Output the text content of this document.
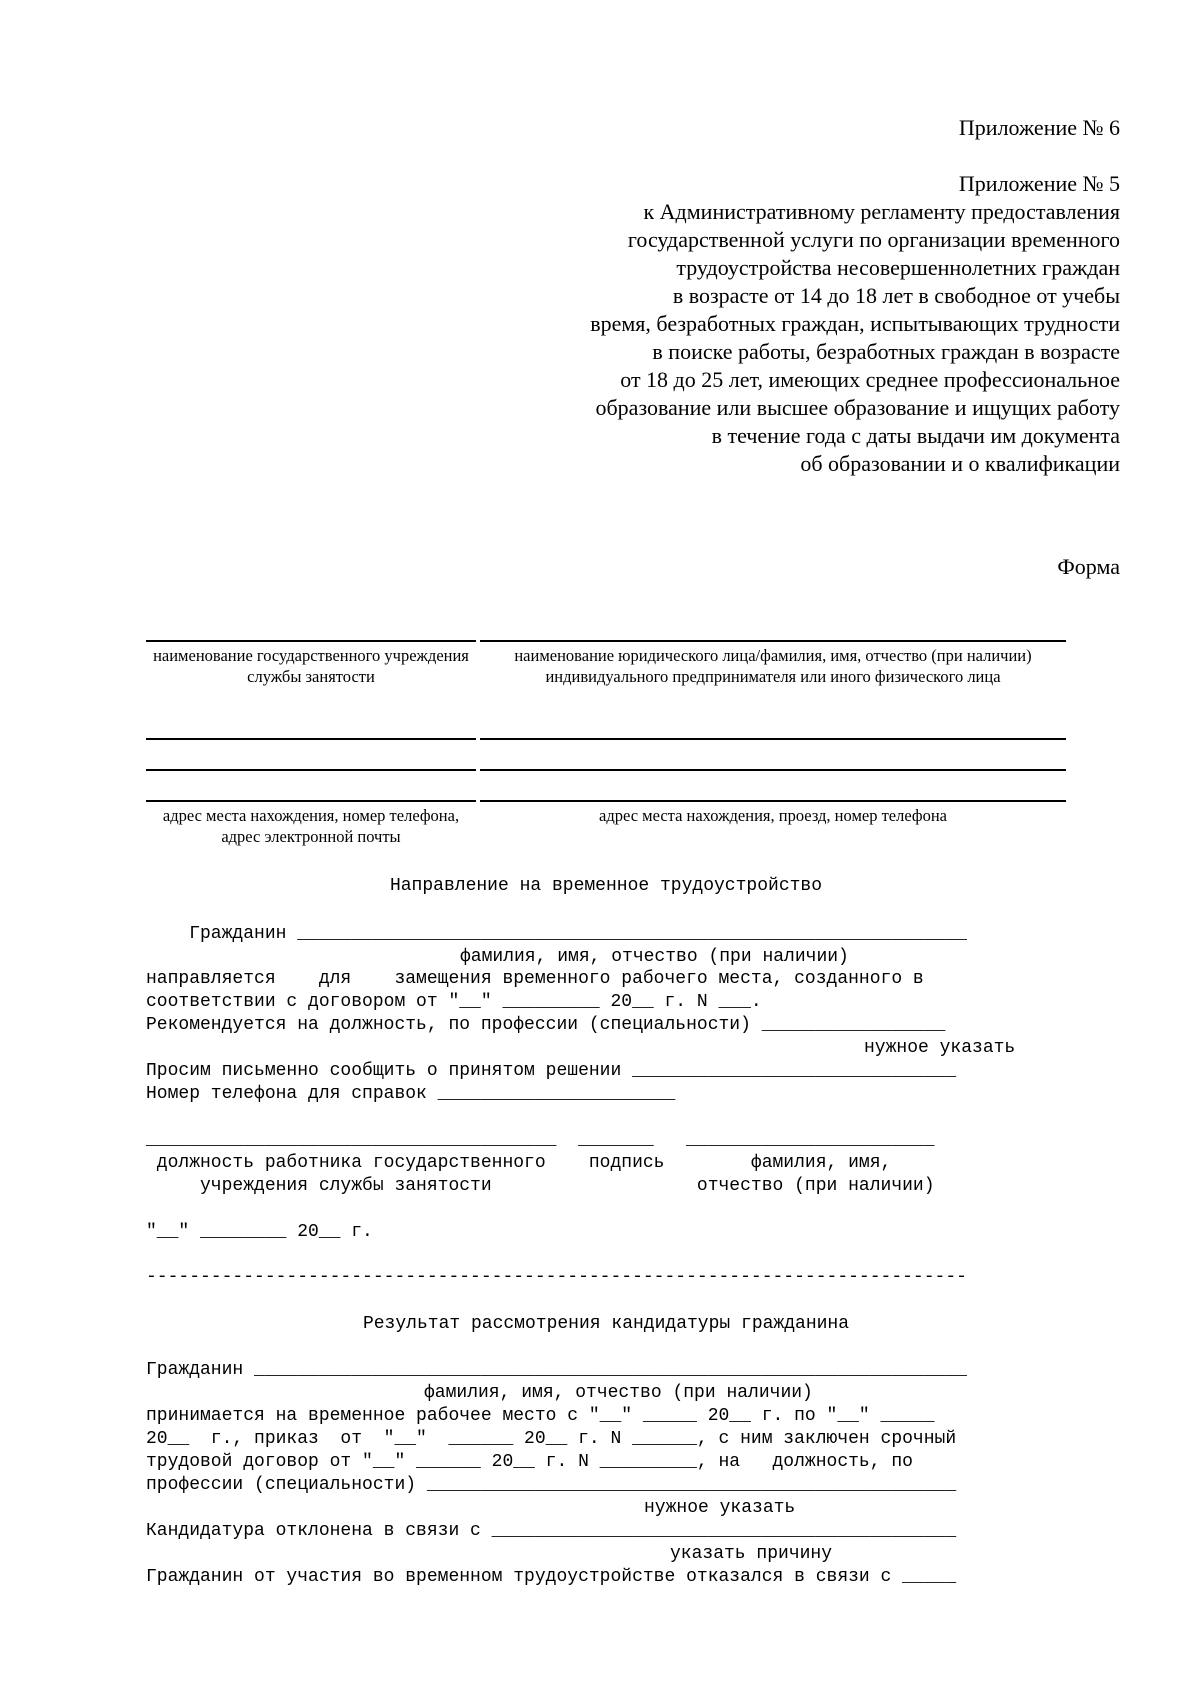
Приложение № 6
Приложение № 5
к Административному регламенту предоставления
государственной услуги по организации временного
трудоустройства несовершеннолетних граждан
в возрасте от 14 до 18 лет в свободное от учебы
время, безработных граждан, испытывающих трудности
в поиске работы, безработных граждан в возрасте
от 18 до 25 лет, имеющих среднее профессиональное
образование или высшее образование и ищущих работу
в течение года с даты выдачи им документа
об образовании и о квалификации
Форма
наименование государственного учреждения службы занятости
наименование юридического лица/фамилия, имя, отчество (при наличии) индивидуального предпринимателя или иного физического лица
адрес места нахождения, номер телефона, адрес электронной почты
адрес места нахождения, проезд, номер телефона
Направление на временное трудоустройство
Гражданин ______________________________________________________________
фамилия, имя, отчество (при наличии)
направляется    для    замещения временного рабочего места, созданного в
соответствии с договором от "__" _________ 20__ г. N ___.
Рекомендуется на должность, по профессии (специальности) _________________
нужное указать
Просим письменно сообщить о принятом решении ______________________________
Номер телефона для справок ______________________
______________________________________  _______   _______________________
должность работника государственного    подпись        фамилия, имя,
учреждения службы занятости                   отчество (при наличии)
"__" ________ 20__ г.
----------------------------------------------------------------------------
Результат рассмотрения кандидатуры гражданина
Гражданин __________________________________________________________________
фамилия, имя, отчество (при наличии)
принимается на временное рабочее место с "__" _____ 20__ г. по "__" _____
20__  г., приказ  от  "__"  ______ 20__ г. N ______, с ним заключен срочный
трудовой договор от "__" ______ 20__ г. N _________, на   должность, по
профессии (специальности) _________________________________________________
нужное указать
Кандидатура отклонена в связи с ___________________________________________
указать причину
Гражданин от участия во временном трудоустройстве отказался в связи с _____
